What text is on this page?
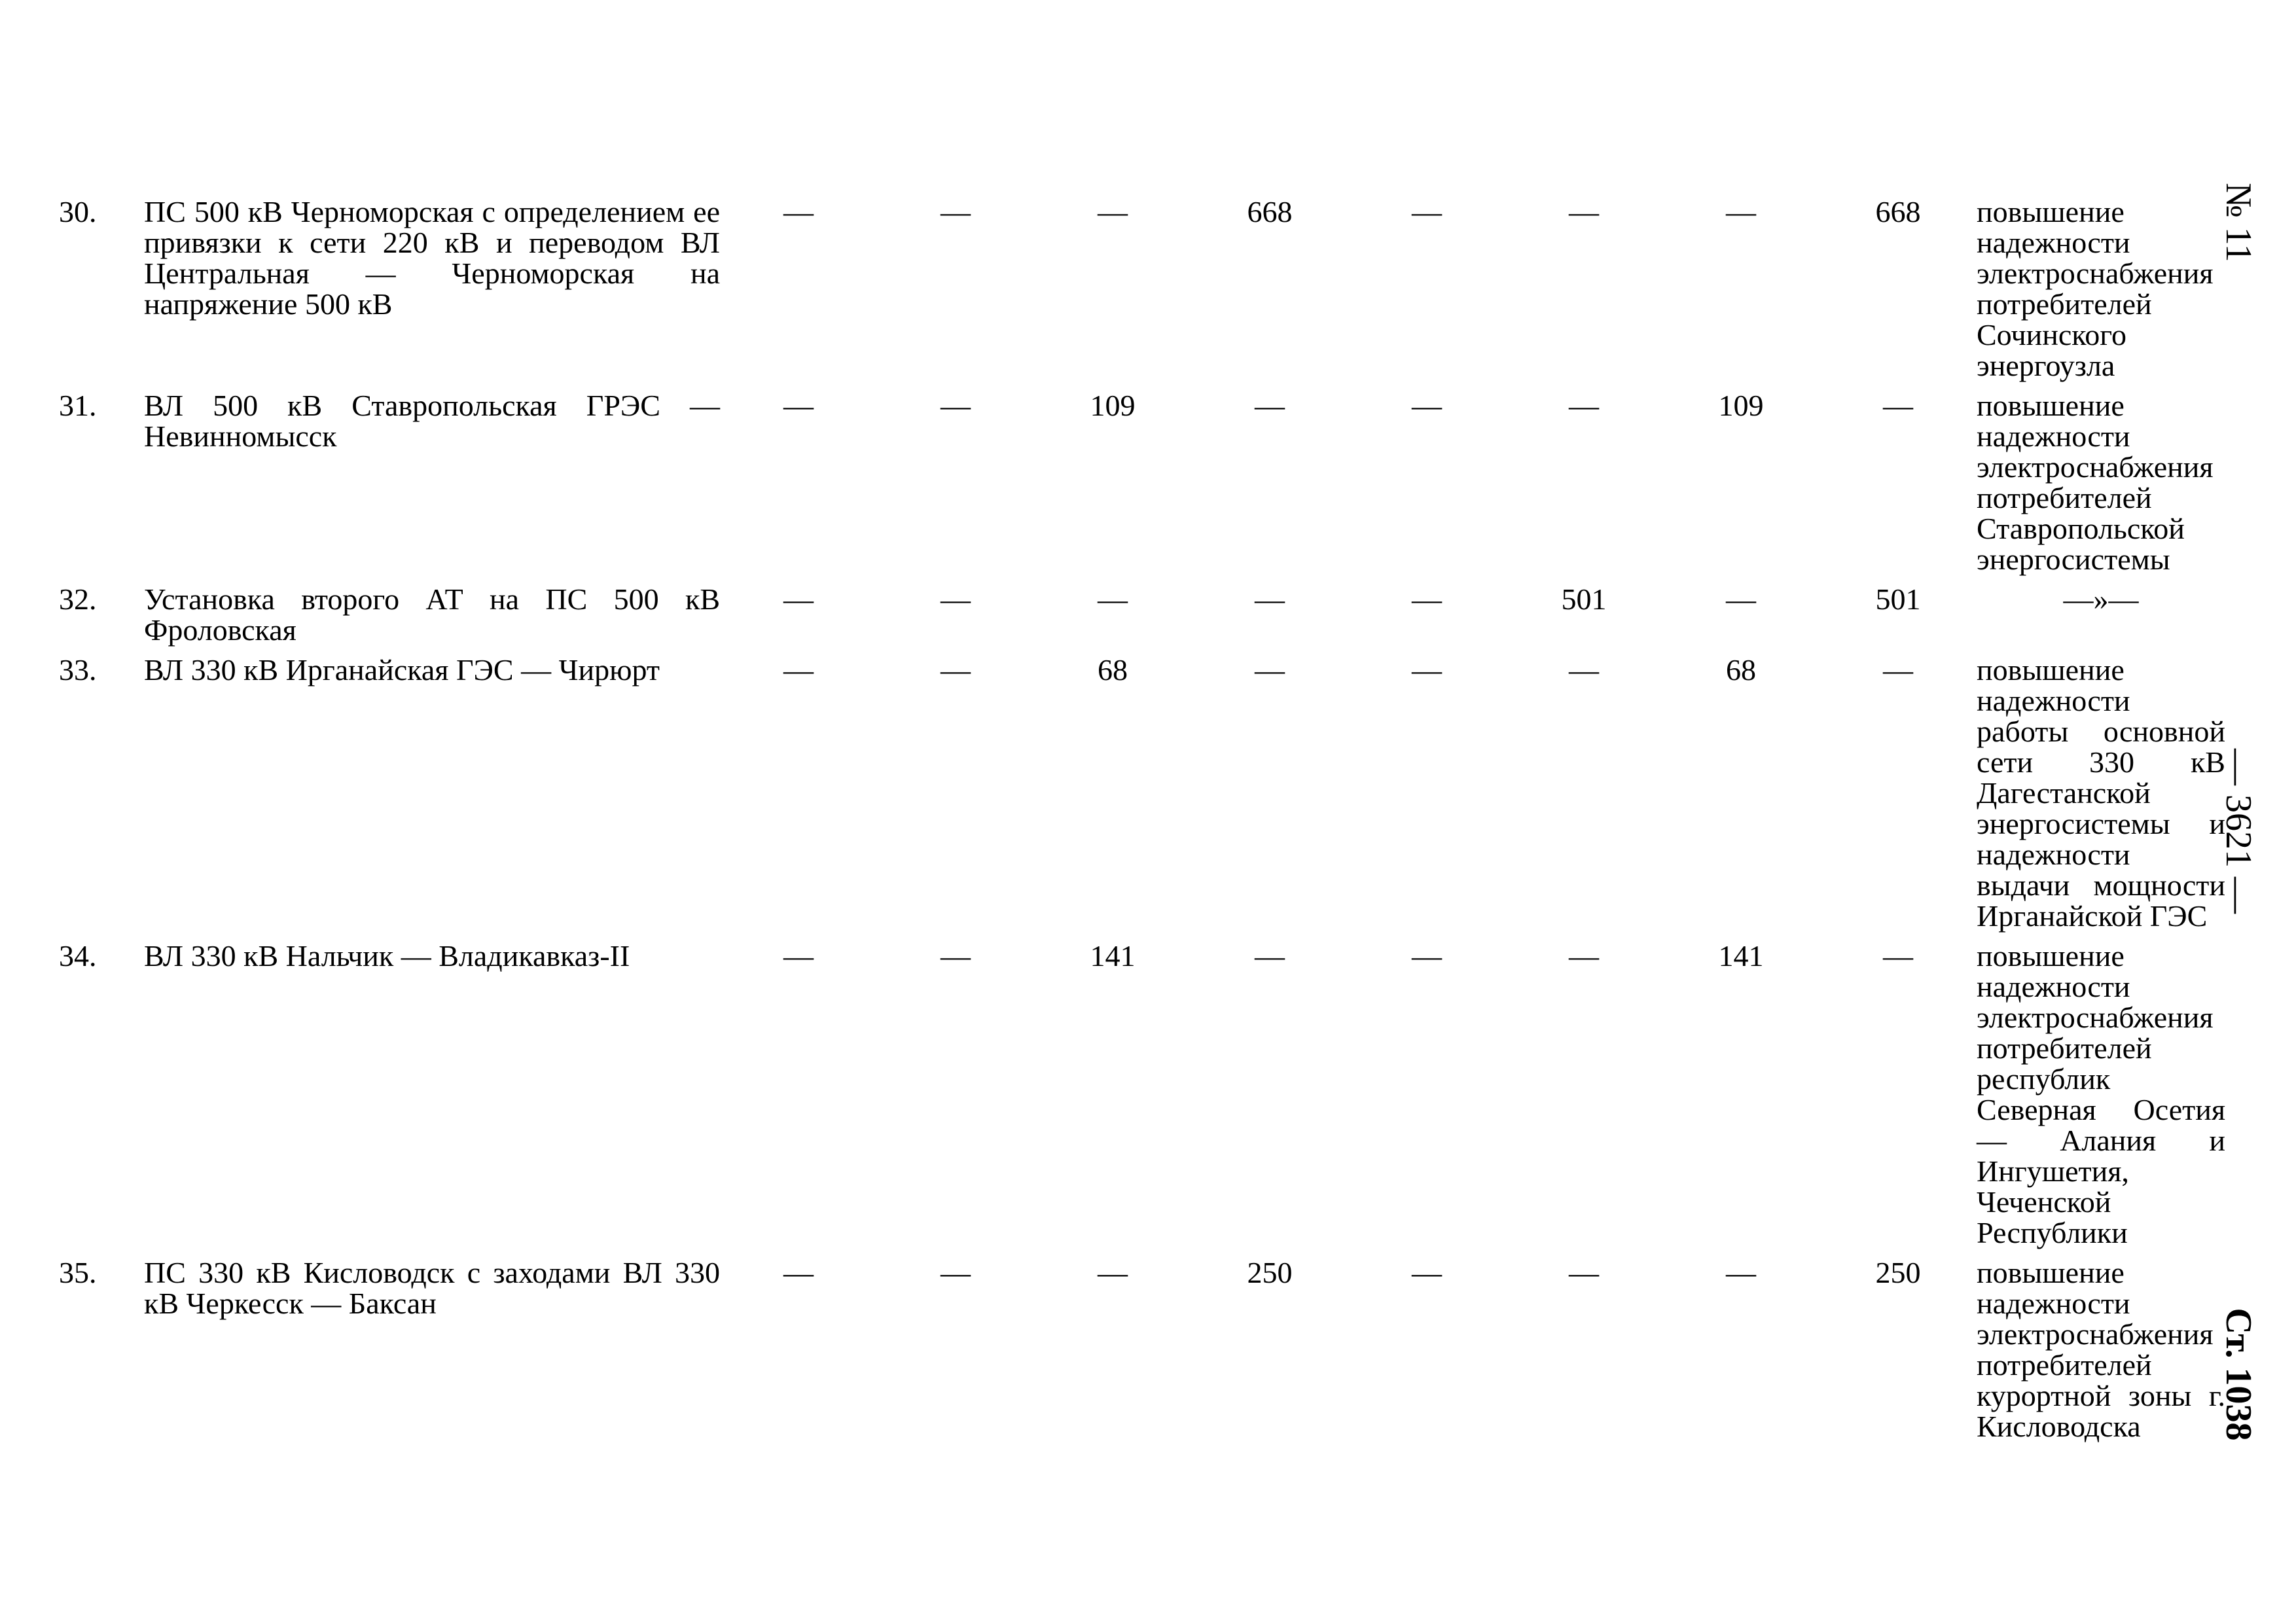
30.	ПС 500 кВ Черноморская с определением ее привязки к сети 220 кВ и переводом ВЛ Центральная — Черноморская на напряжение 500 кВ	—	—	—	668	—	—	—	668	повышение надежности электроснабжения потребителей Сочинского энергоузла
31.	ВЛ 500 кВ Ставропольская ГРЭС — Невинномысск	—	—	109	—	—	—	109	—	повышение надежности электроснабжения потребителей Ставропольской энергосистемы
32.	Установка второго АТ на ПС 500 кВ Фроловская	—	—	—	—	—	501	—	501	—»—
33.	ВЛ 330 кВ Ирганайская ГЭС — Чирюрт	—	—	68	—	—	—	68	—	повышение надежности работы основной сети 330 кВ Дагестанской энергосистемы и надежности выдачи мощности Ирганайской ГЭС
34.	ВЛ 330 кВ Нальчик — Владикавказ-II	—	—	141	—	—	—	141	—	повышение надежности электроснабжения потребителей республик Северная Осетия — Алания и Ингушетия, Чеченской Республики
35.	ПС 330 кВ Кисловодск с заходами ВЛ 330 кВ Черкесск — Баксан	—	—	—	250	—	—	—	250	повышение надежности электроснабжения потребителей курортной зоны г. Кисловодска
№ 11
— 3621 —
Ст. 1038
